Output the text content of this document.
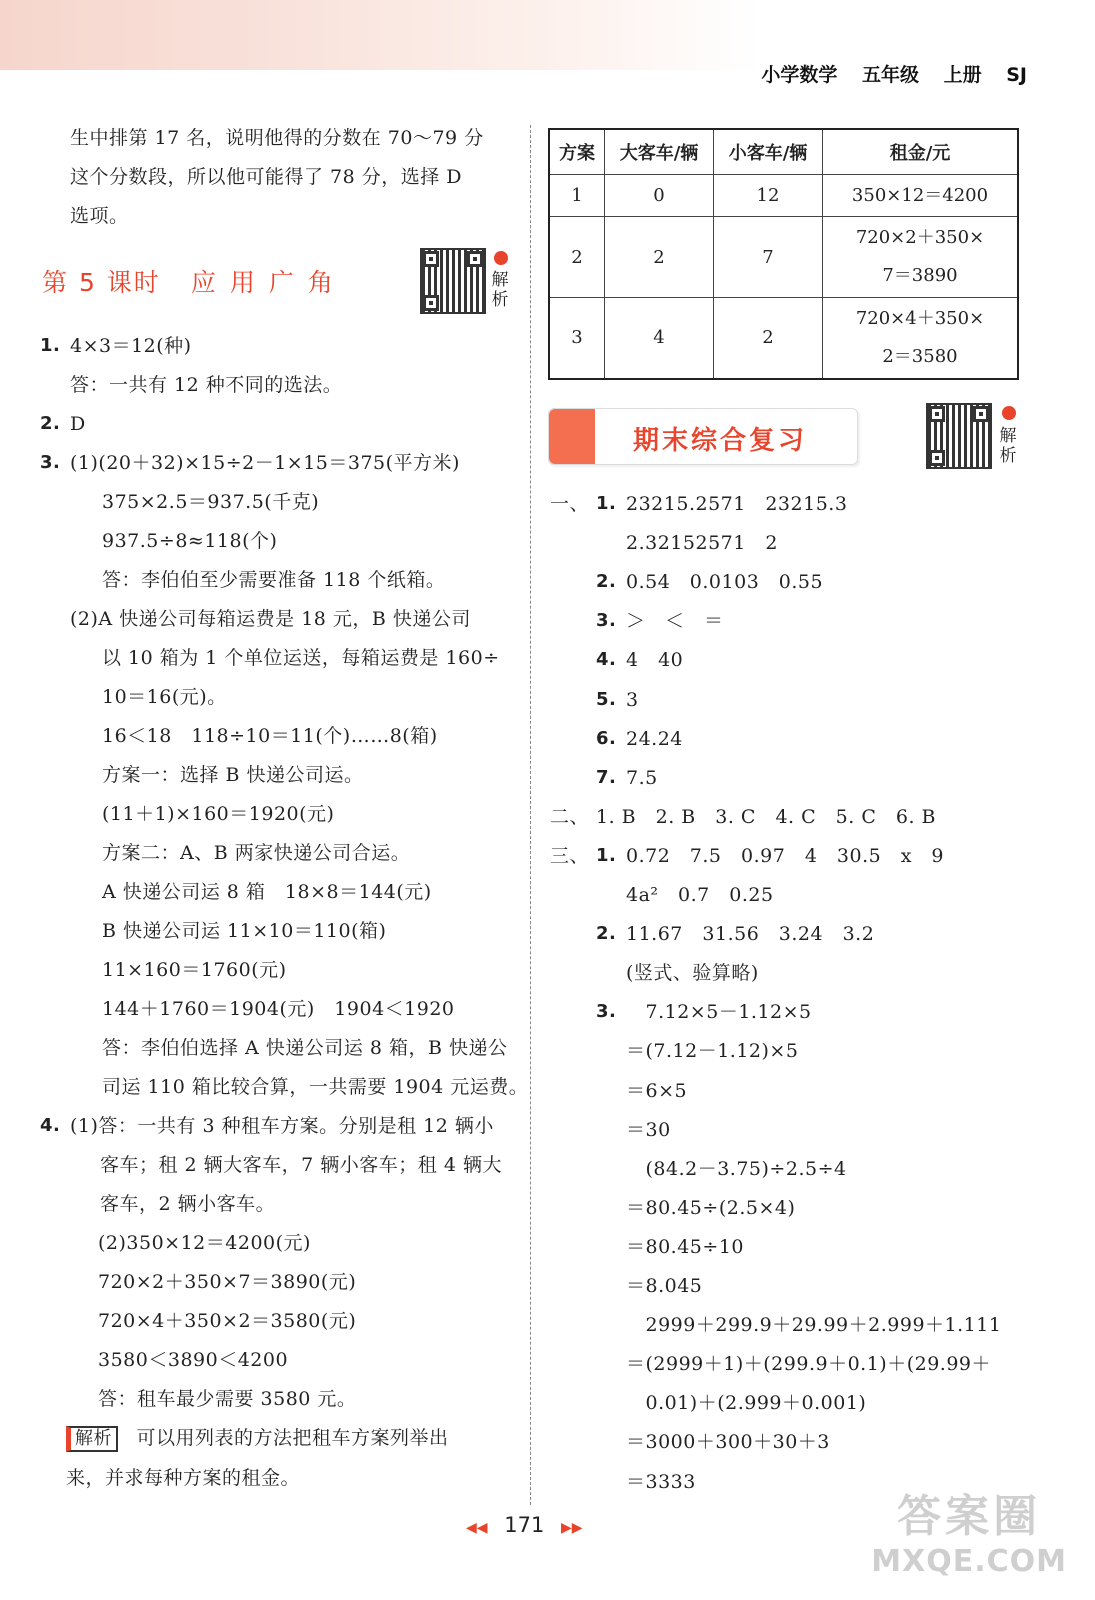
小学数学 五年级 上册 SJ
生中排第 17 名，说明他得的分数在 70～79 分
这个分数段，所以他可能得了 78 分，选择 D
选项。
第 5 课时 应用广角	解析
1. 4×3＝12(种)
答：一共有 12 种不同的选法。
2. D
3. (1)(20＋32)×15÷2－1×15＝375(平方米)
375×2.5＝937.5(千克)
937.5÷8≈118(个)
答：李伯伯至少需要准备 118 个纸箱。
(2)A 快递公司每箱运费是 18 元，B 快递公司
以 10 箱为 1 个单位运送，每箱运费是 160÷
10＝16(元)。
16＜18　118÷10＝11(个)……8(箱)
方案一：选择 B 快递公司运。
(11＋1)×160＝1920(元)
方案二：A、B 两家快递公司合运。
A 快递公司运 8 箱　18×8＝144(元)
B 快递公司运 11×10＝110(箱)
11×160＝1760(元)
144＋1760＝1904(元)　1904＜1920
答：李伯伯选择 A 快递公司运 8 箱，B 快递公
司运 110 箱比较合算，一共需要 1904 元运费。
4. (1)答：一共有 3 种租车方案。分别是租 12 辆小
客车；租 2 辆大客车，7 辆小客车；租 4 辆大
客车，2 辆小客车。
(2)350×12＝4200(元)
720×2＋350×7＝3890(元)
720×4＋350×2＝3580(元)
3580＜3890＜4200
答：租车最少需要 3580 元。
解析 可以用列表的方法把租车方案列举出
来，并求每种方案的租金。
方案	大客车/辆	小客车/辆	租金/元
1	0	12	350×12＝4200

2	2	7	720×2＋350×
7＝3890

3	4	2	720×4＋350×
2＝3580
期末综合复习	解析
一、 1. 23215.2571　23215.3
2.32152571　2
2. 0.54　0.0103　0.55
3. ＞　＜　＝
4. 4　40
5. 3
6. 24.24
7. 7.5
二、 1. B　2. B　3. C　4. C　5. C　6. B
三、 1. 0.72　7.5　0.97　4　30.5　x　9
4a²　0.7　0.25
2. 11.67　31.56　3.24　3.2
(竖式、验算略)
3. 　7.12×5－1.12×5
＝(7.12－1.12)×5
＝6×5
＝30
　(84.2－3.75)÷2.5÷4
＝80.45÷(2.5×4)
＝80.45÷10
＝8.045
　2999＋299.9＋29.99＋2.999＋1.111
＝(2999＋1)＋(299.9＋0.1)＋(29.99＋
　0.01)＋(2.999＋0.001)
＝3000＋300＋30＋3
＝3333
◀◀ 171 ▶▶	答案圈
MXQE.COM
